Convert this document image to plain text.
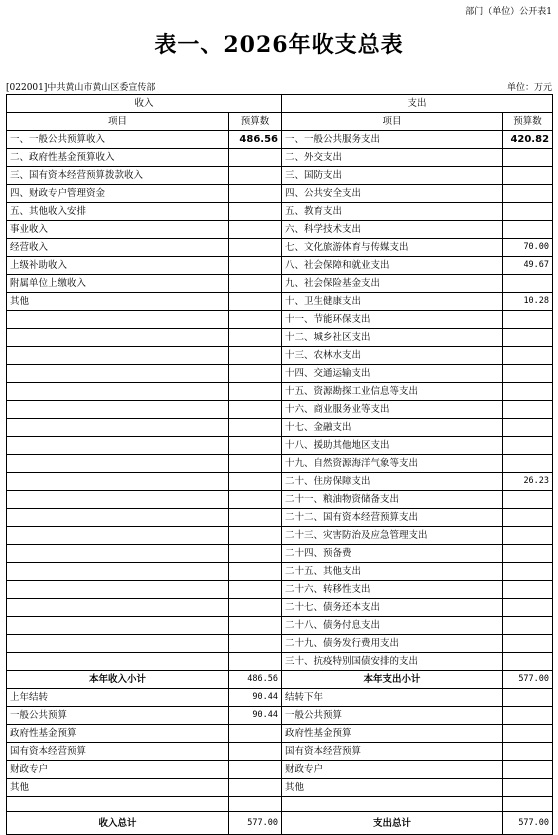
部门（单位）公开表1
表一、2026年收支总表
[022001]中共黄山市黄山区委宣传部	单位：万元
收入		支出	
项目	预算数	项目	预算数
一、一般公共预算收入	486.56	一、一般公共服务支出	420.82
二、政府性基金预算收入		二、外交支出	
三、国有资本经营预算拨款收入		三、国防支出	
四、财政专户管理资金		四、公共安全支出	
五、其他收入安排		五、教育支出	
事业收入		六、科学技术支出	
经营收入		七、文化旅游体育与传媒支出	70.00
上级补助收入		八、社会保障和就业支出	49.67
附属单位上缴收入		九、社会保险基金支出	
其他		十、卫生健康支出	10.28
		十一、节能环保支出	
		十二、城乡社区支出	
		十三、农林水支出	
		十四、交通运输支出	
		十五、资源勘探工业信息等支出	
		十六、商业服务业等支出	
		十七、金融支出	
		十八、援助其他地区支出	
		十九、自然资源海洋气象等支出	
		二十、住房保障支出	26.23
		二十一、粮油物资储备支出	
		二十二、国有资本经营预算支出	
		二十三、灾害防治及应急管理支出	
		二十四、预备费	
		二十五、其他支出	
		二十六、转移性支出	
		二十七、债务还本支出	
		二十八、债务付息支出	
		二十九、债务发行费用支出	
		三十、抗疫特别国债安排的支出	
本年收入小计	486.56	本年支出小计	577.00
上年结转	90.44	结转下年	
一般公共预算	90.44	一般公共预算	
政府性基金预算		政府性基金预算	
国有资本经营预算		国有资本经营预算	
财政专户		财政专户	
其他		其他	

收入总计	577.00	支出总计	577.00
